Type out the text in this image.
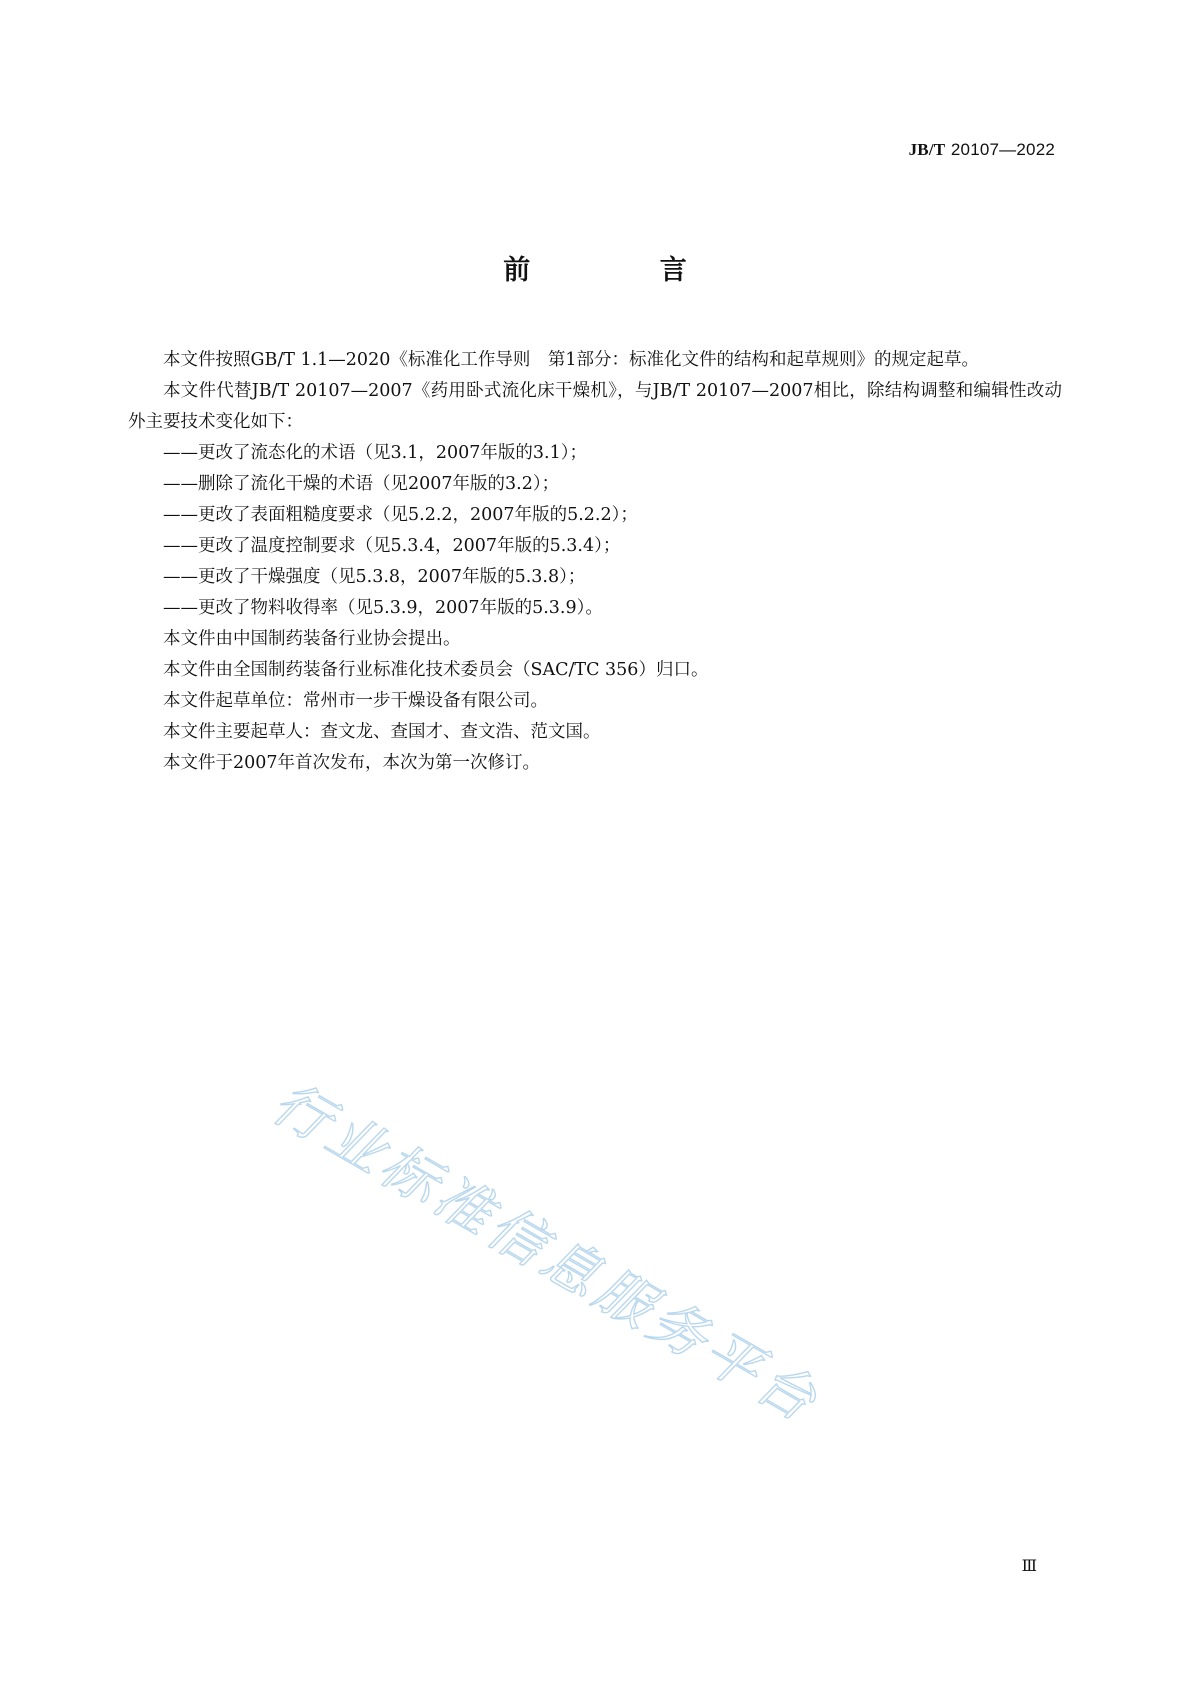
JB/T 20107—2022
前 言

本文件按照GB/T 1.1—2020《标准化工作导则　第1部分：标准化文件的结构和起草规则》的规定起草。

本文件代替JB/T 20107—2007《药用卧式流化床干燥机》，与JB/T 20107—2007相比，除结构调整和编辑性改动外主要技术变化如下：

——更改了流态化的术语（见3.1，2007年版的3.1）；

——删除了流化干燥的术语（见2007年版的3.2）；

——更改了表面粗糙度要求（见5.2.2，2007年版的5.2.2）；

——更改了温度控制要求（见5.3.4，2007年版的5.3.4）；

——更改了干燥强度（见5.3.8，2007年版的5.3.8）；

——更改了物料收得率（见5.3.9，2007年版的5.3.9）。

本文件由中国制药装备行业协会提出。

本文件由全国制药装备行业标准化技术委员会（SAC/TC 356）归口。

本文件起草单位：常州市一步干燥设备有限公司。

本文件主要起草人：查文龙、查国才、查文浩、范文国。

本文件于2007年首次发布，本次为第一次修订。

行业标准信息服务平台
Ⅲ
